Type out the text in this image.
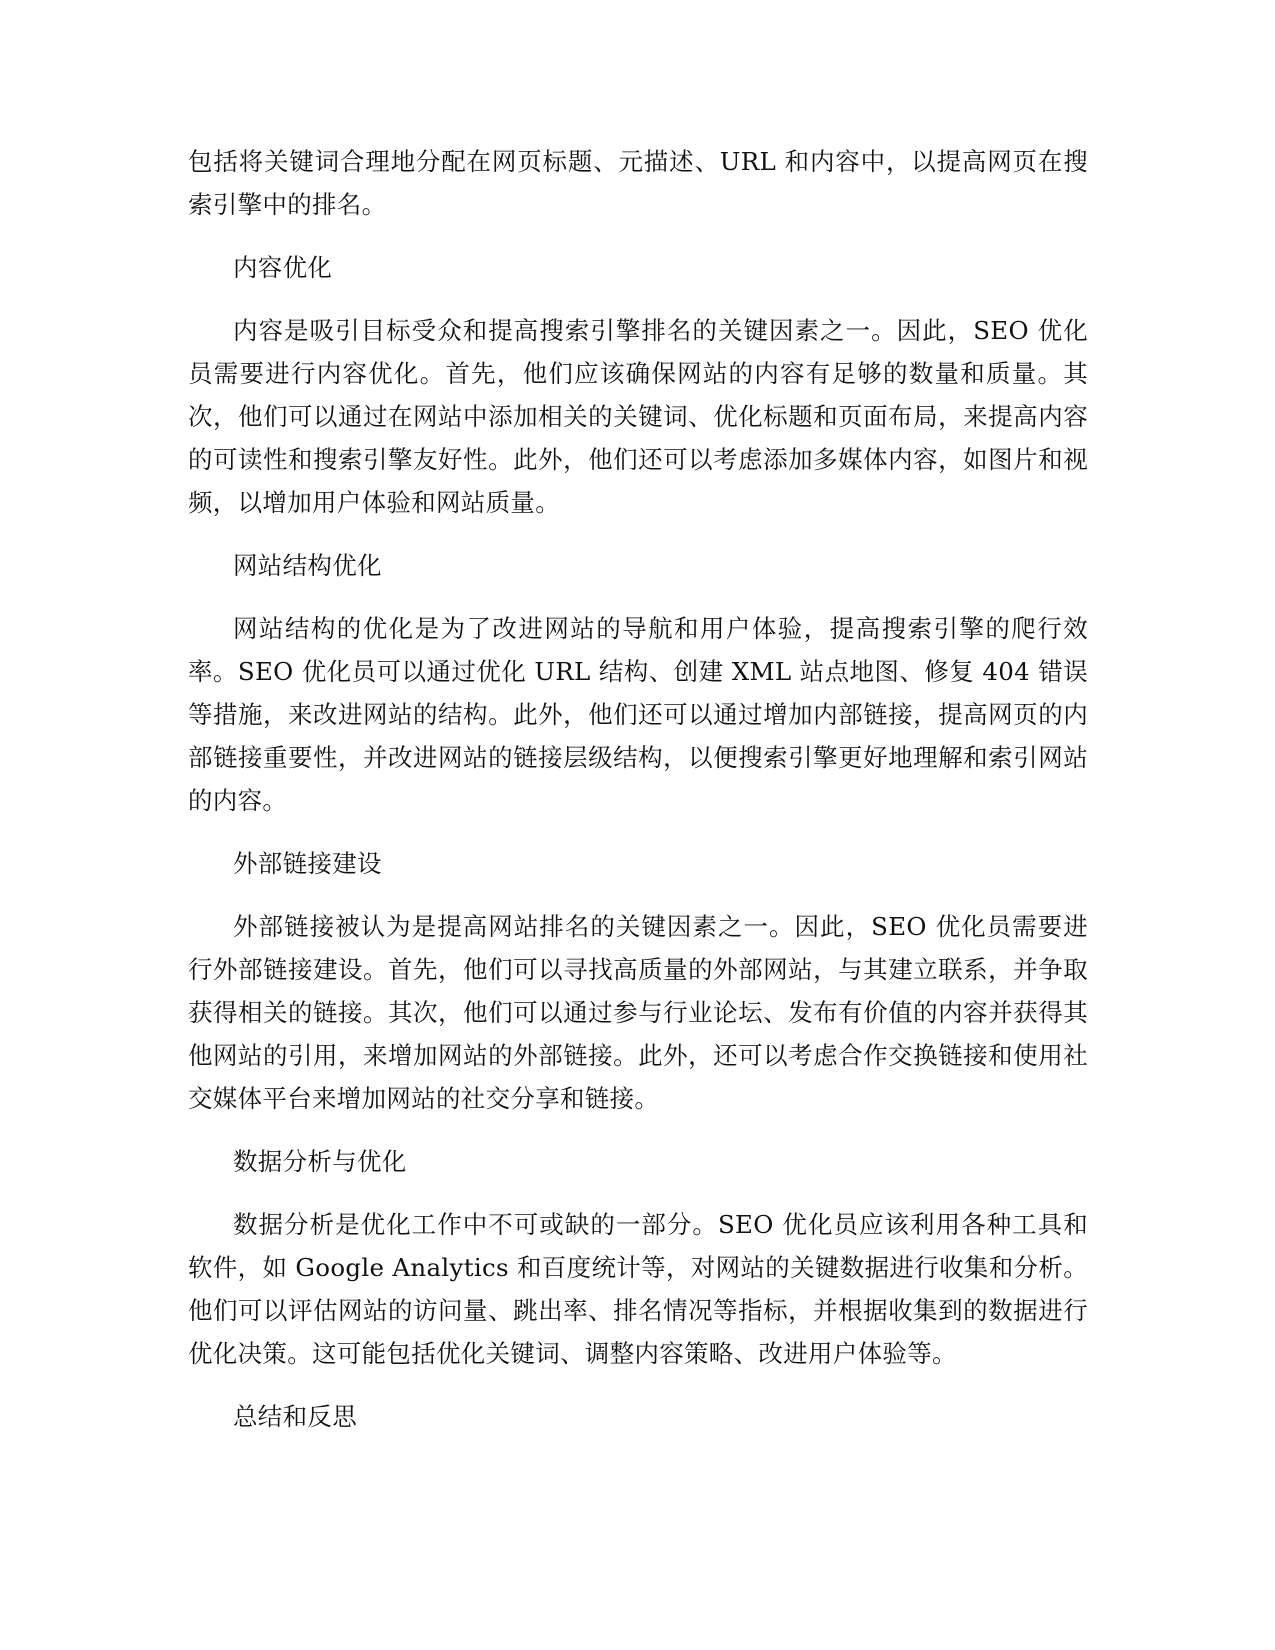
包括将关键词合理地分配在网页标题、元描述、URL 和内容中，以提高网页在搜索引擎中的排名。

内容优化

内容是吸引目标受众和提高搜索引擎排名的关键因素之一。因此，SEO 优化员需要进行内容优化。首先，他们应该确保网站的内容有足够的数量和质量。其次，他们可以通过在网站中添加相关的关键词、优化标题和页面布局，来提高内容的可读性和搜索引擎友好性。此外，他们还可以考虑添加多媒体内容，如图片和视频，以增加用户体验和网站质量。

网站结构优化

网站结构的优化是为了改进网站的导航和用户体验，提高搜索引擎的爬行效率。SEO 优化员可以通过优化 URL 结构、创建 XML 站点地图、修复 404 错误等措施，来改进网站的结构。此外，他们还可以通过增加内部链接，提高网页的内部链接重要性，并改进网站的链接层级结构，以便搜索引擎更好地理解和索引网站的内容。

外部链接建设

外部链接被认为是提高网站排名的关键因素之一。因此，SEO 优化员需要进行外部链接建设。首先，他们可以寻找高质量的外部网站，与其建立联系，并争取获得相关的链接。其次，他们可以通过参与行业论坛、发布有价值的内容并获得其他网站的引用，来增加网站的外部链接。此外，还可以考虑合作交换链接和使用社交媒体平台来增加网站的社交分享和链接。

数据分析与优化

数据分析是优化工作中不可或缺的一部分。SEO 优化员应该利用各种工具和软件，如 Google Analytics 和百度统计等，对网站的关键数据进行收集和分析。他们可以评估网站的访问量、跳出率、排名情况等指标，并根据收集到的数据进行优化决策。这可能包括优化关键词、调整内容策略、改进用户体验等。

总结和反思
